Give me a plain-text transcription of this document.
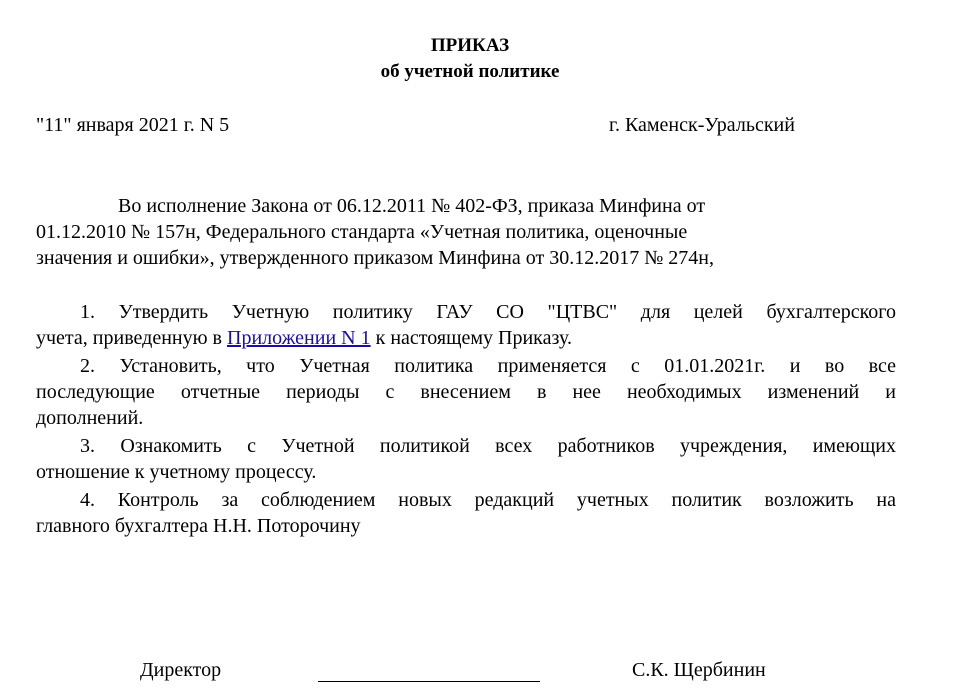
ПРИКАЗ
об учетной политике
"11" января 2021 г. N 5	г. Каменск-Уральский
Во исполнение Закона от 06.12.2011 № 402-ФЗ, приказа Минфина от
01.12.2010 № 157н, Федерального стандарта «Учетная политика, оценочные
значения и ошибки», утвержденного приказом Минфина от 30.12.2017 № 274н,
1. Утвердить Учетную политику ГАУ СО "ЦТВС" для целей бухгалтерского
учета, приведенную в Приложении N 1 к настоящему Приказу.
2. Установить, что Учетная политика применяется с 01.01.2021г. и во все
последующие отчетные периоды с внесением в нее необходимых изменений и
дополнений.
3. Ознакомить с Учетной политикой всех работников учреждения, имеющих
отношение к учетному процессу.
4. Контроль за соблюдением новых редакций учетных политик возложить на
главного бухгалтера Н.Н. Поторочину
Директор	С.К. Щербинин
